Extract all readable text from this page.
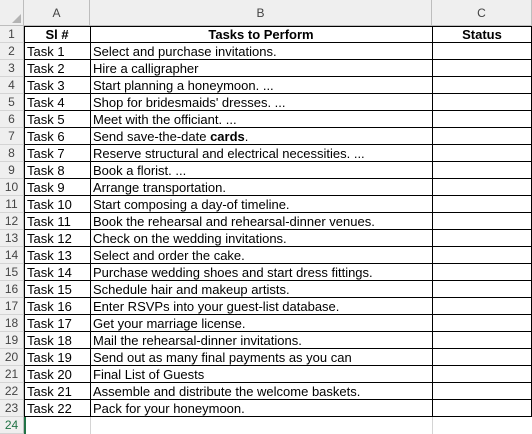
A	B	C
1	Sl #	Tasks to Perform	Status
2 Task 1	Select and purchase invitations.
3 Task 2	Hire a calligrapher
4 Task 3	Start planning a honeymoon. ...
5 Task 4	Shop for bridesmaids' dresses. ...
6 Task 5	Meet with the officiant. ...
7 Task 6	Send save-the-date cards.
8 Task 7	Reserve structural and electrical necessities. ...
9 Task 8	Book a florist. ...
10 Task 9	Arrange transportation.
11 Task 10	Start composing a day-of timeline.
12 Task 11	Book the rehearsal and rehearsal-dinner venues.
13 Task 12	Check on the wedding invitations.
14 Task 13	Select and order the cake.
15 Task 14	Purchase wedding shoes and start dress fittings.
16 Task 15	Schedule hair and makeup artists.
17 Task 16	Enter RSVPs into your guest-list database.
18 Task 17	Get your marriage license.
19 Task 18	Mail the rehearsal-dinner invitations.
20 Task 19	Send out as many final payments as you can
21 Task 20	Final List of Guests
22 Task 21	Assemble and distribute the welcome baskets.
23 Task 22	Pack for your honeymoon.
24
